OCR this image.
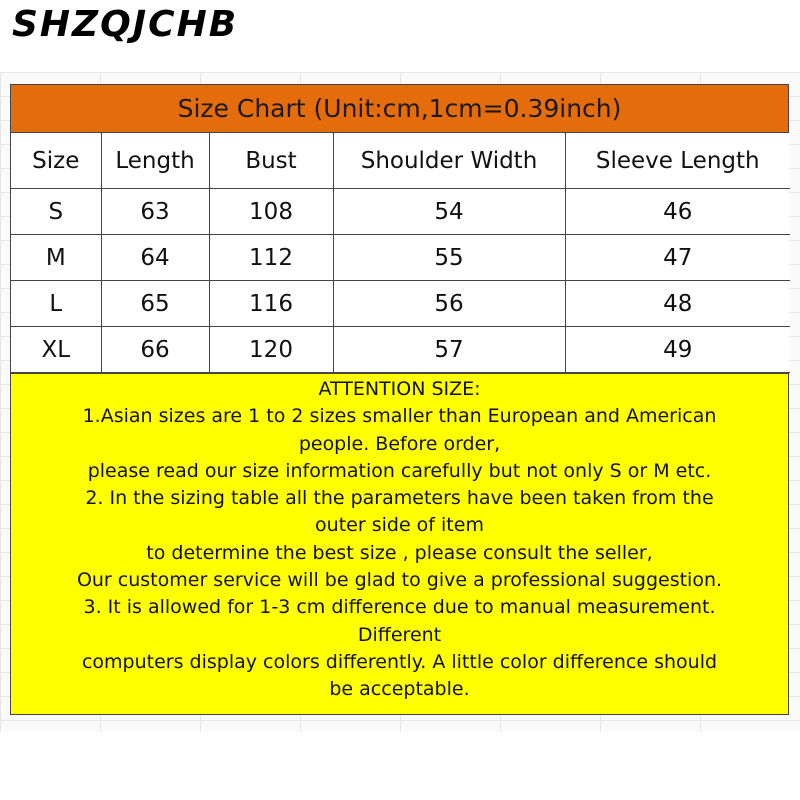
SHZQJCHB
Size Chart (Unit:cm,1cm=0.39inch)
Size	Length	Bust	Shoulder Width	Sleeve Length
S	63	108	54	46
M	64	112	55	47
L	65	116	56	48
XL	66	120	57	49
ATTENTION SIZE:
1.Asian sizes are 1 to 2 sizes smaller than European and American
people. Before order,
please read our size information carefully but not only S or M etc.
2. In the sizing table all the parameters have been taken from the
outer side of item
to determine the best size , please consult the seller,
Our customer service will be glad to give a professional suggestion.
3. It is allowed for 1-3 cm difference due to manual measurement.
Different
computers display colors differently. A little color difference should
be acceptable.
